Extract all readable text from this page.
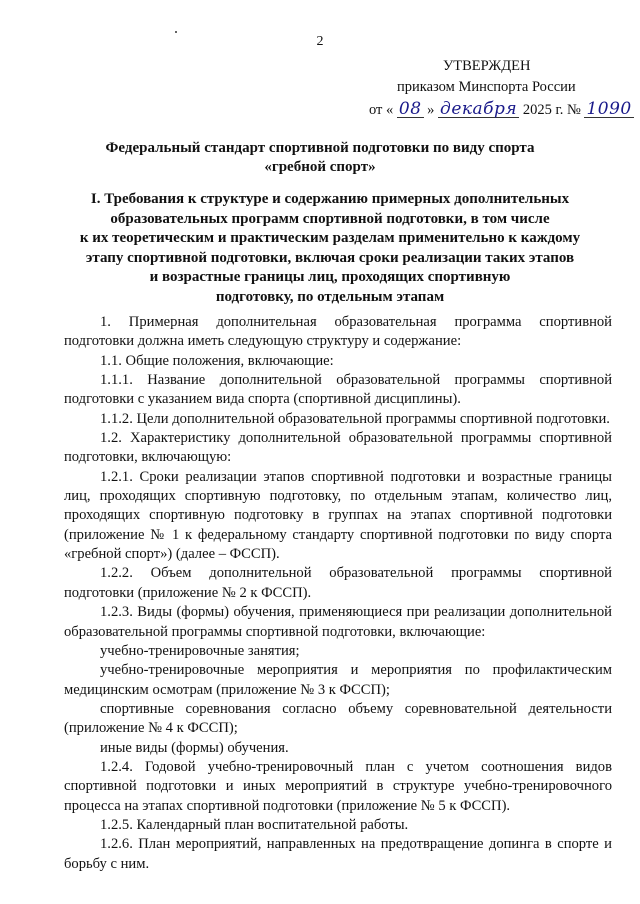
2
УТВЕРЖДЕН
приказом Минспорта России
от « 08 » декабря 2025 г. № 1090
Федеральный стандарт спортивной подготовки по виду спорта
«гребной спорт»
I. Требования к структуре и содержанию примерных дополнительных
образовательных программ спортивной подготовки, в том числе
к их теоретическим и практическим разделам применительно к каждому
этапу спортивной подготовки, включая сроки реализации таких этапов
и возрастные границы лиц, проходящих спортивную
подготовку, по отдельным этапам

1. Примерная дополнительная образовательная программа спортивной подготовки должна иметь следующую структуру и содержание:

1.1. Общие положения, включающие:

1.1.1. Название дополнительной образовательной программы спортивной подготовки с указанием вида спорта (спортивной дисциплины).

1.1.2. Цели дополнительной образовательной программы спортивной подготовки.

1.2. Характеристику дополнительной образовательной программы спортивной подготовки, включающую:

1.2.1. Сроки реализации этапов спортивной подготовки и возрастные границы лиц, проходящих спортивную подготовку, по отдельным этапам, количество лиц, проходящих спортивную подготовку в группах на этапах спортивной подготовки (приложение № 1 к федеральному стандарту спортивной подготовки по виду спорта «гребной спорт») (далее – ФССП).

1.2.2. Объем дополнительной образовательной программы спортивной подготовки (приложение № 2 к ФССП).

1.2.3. Виды (формы) обучения, применяющиеся при реализации дополнительной образовательной программы спортивной подготовки, включающие:

учебно-тренировочные занятия;

учебно-тренировочные мероприятия и мероприятия по профилактическим медицинским осмотрам (приложение № 3 к ФССП);

спортивные соревнования согласно объему соревновательной деятельности (приложение № 4 к ФССП);

иные виды (формы) обучения.

1.2.4. Годовой учебно-тренировочный план с учетом соотношения видов спортивной подготовки и иных мероприятий в структуре учебно-тренировочного процесса на этапах спортивной подготовки (приложение № 5 к ФССП).

1.2.5. Календарный план воспитательной работы.

1.2.6. План мероприятий, направленных на предотвращение допинга в спорте и борьбу с ним.
